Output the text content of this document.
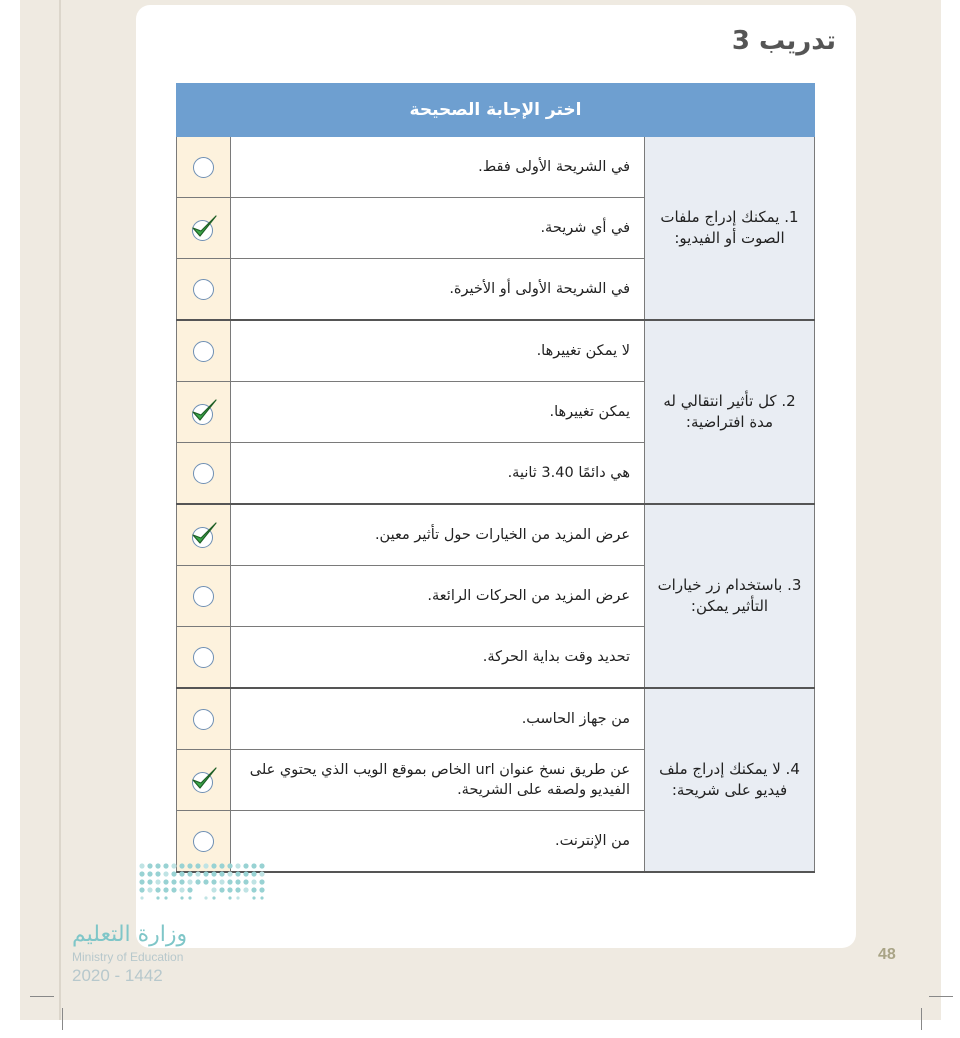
تدريب 3
اختر الإجابة الصحيحة		
1. يمكنك إدراج ملفات الصوت أو الفيديو:	في الشريحة الأولى فقط.	
	في أي شريحة.	

	في الشريحة الأولى أو الأخيرة.	
2. كل تأثير انتقالي له مدة افتراضية:	لا يمكن تغييرها.	
	يمكن تغييرها.	

	هي دائمًا 3.40 ثانية.	
3. باستخدام زر خيارات التأثير يمكن:	عرض المزيد من الخيارات حول تأثير معين.	

	عرض المزيد من الحركات الرائعة.	
	تحديد وقت بداية الحركة.	
4. لا يمكنك إدراج ملف فيديو على شريحة:	من جهاز الحاسب.	
	عن طريق نسخ عنوان url الخاص بموقع الويب الذي يحتوي على الفيديو ولصقه على الشريحة.	

	من الإنترنت.	
وزارة التعليم
Ministry of Education
2020 - 1442
48
